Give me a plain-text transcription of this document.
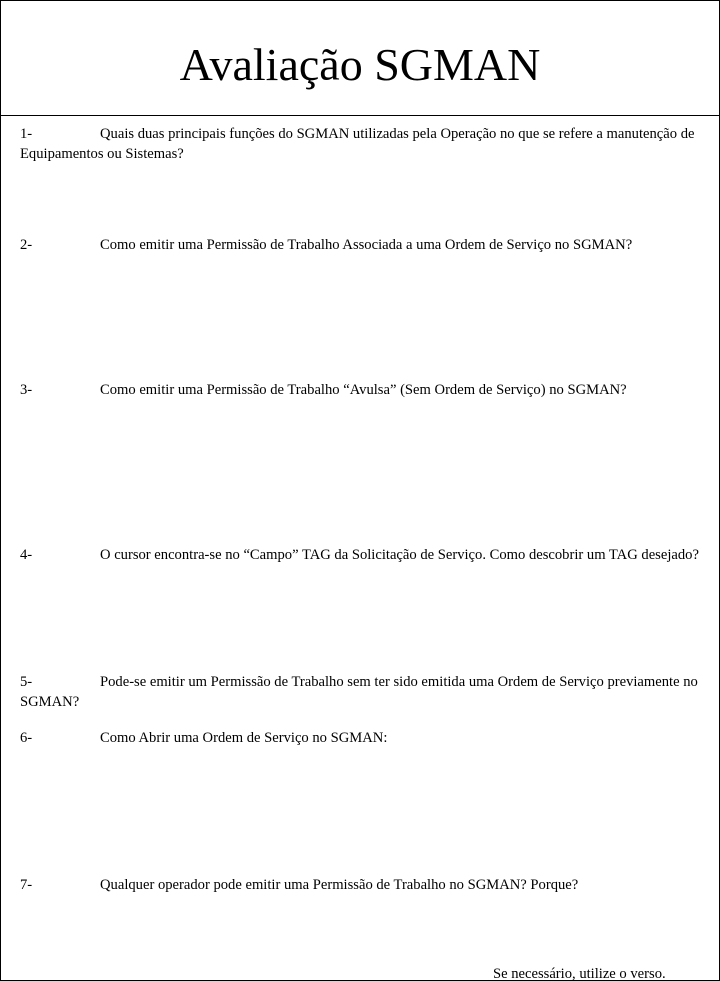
Avaliação SGMAN

1-	Quais duas principais funções do SGMAN utilizadas pela Operação no que se refere a manutenção de Equipamentos ou Sistemas?

2-	Como emitir uma Permissão de Trabalho Associada a uma Ordem de Serviço no SGMAN?

3-	Como emitir uma Permissão de Trabalho “Avulsa” (Sem Ordem de Serviço) no SGMAN?

4-	O cursor encontra-se no “Campo” TAG da Solicitação de Serviço. Como descobrir um TAG desejado?

5-	Pode-se emitir um Permissão de Trabalho sem ter sido emitida uma Ordem de Serviço previamente no SGMAN?

6-	Como Abrir uma Ordem de Serviço no SGMAN:

7-	Qualquer operador pode emitir uma Permissão de Trabalho no SGMAN? Porque?

Se necessário, utilize o verso.
